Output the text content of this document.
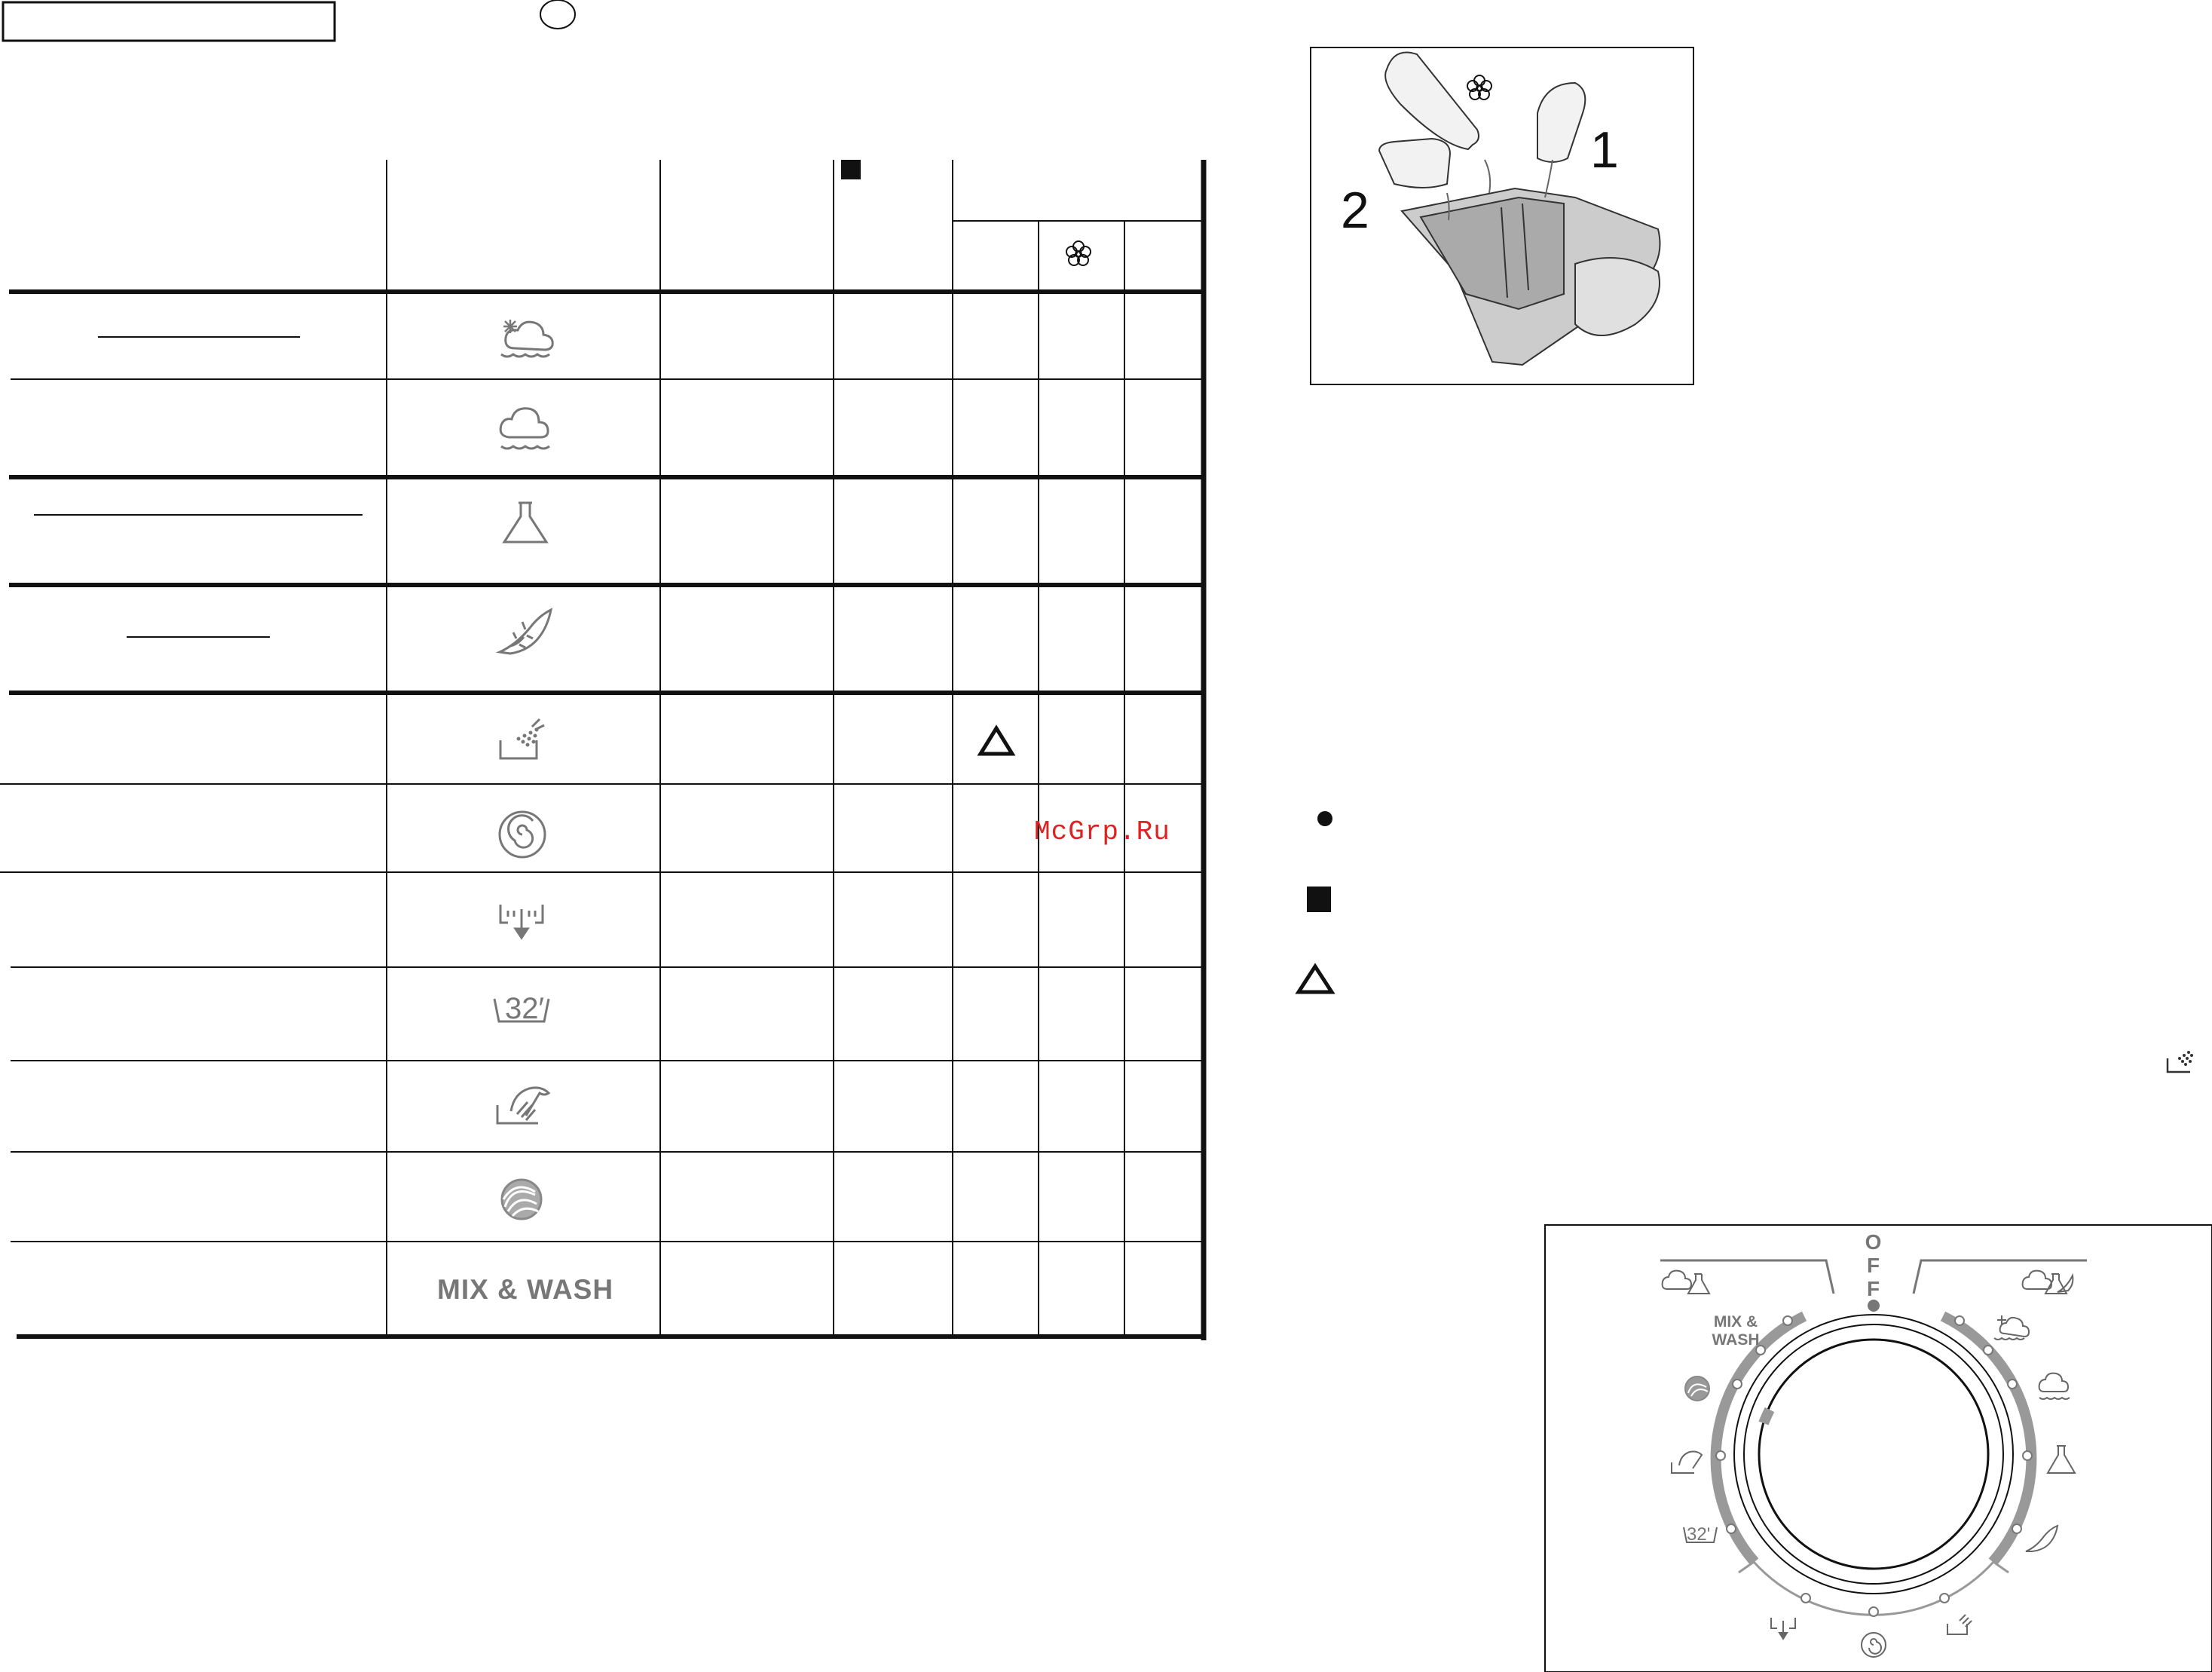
32′
1
2
MIX & WASH
McGrp.Ru
OFF
MIX &
WASH
32'
